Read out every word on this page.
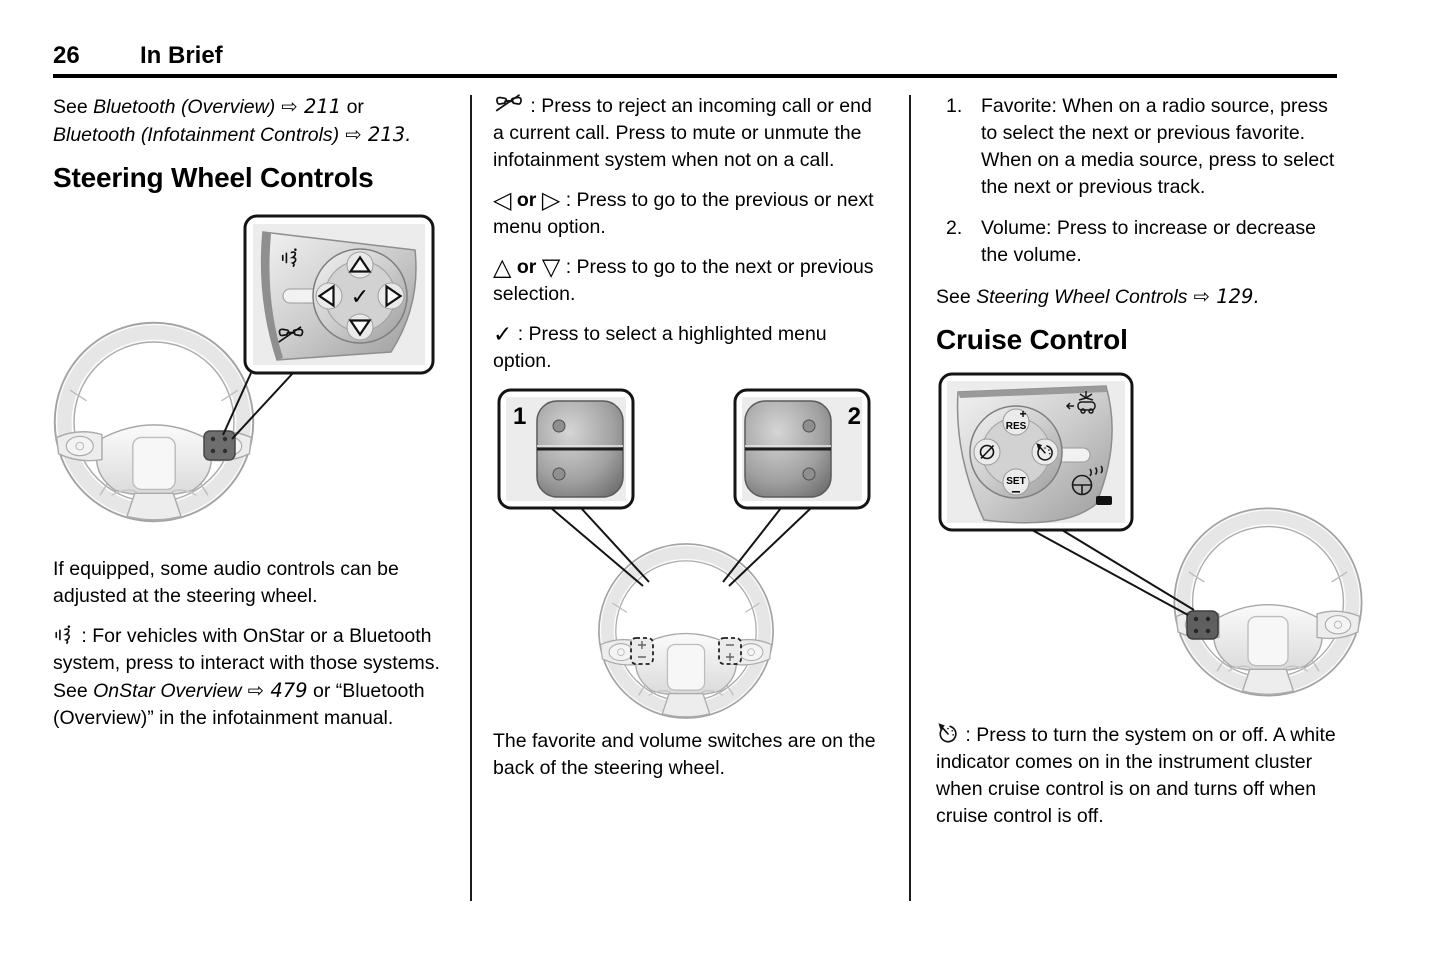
26	In Brief

See Bluetooth (Overview) ⇨ 211 or Bluetooth (Infotainment Controls) ⇨ 213.

Steering Wheel Controls
✓

If equipped, some audio controls can be adjusted at the steering wheel.

: For vehicles with OnStar or a Bluetooth system, press to interact with those systems. See OnStar Overview ⇨ 479 or “Bluetooth (Overview)” in the infotainment manual.

: Press to reject an incoming call or end a current call. Press to mute or unmute the infotainment system when not on a call.

◁ or ▷ : Press to go to the previous or next menu option.

△ or ▽ : Press to go to the next or previous selection.

✓ : Press to select a highlighted menu option.

1	2

The favorite and volume switches are on the back of the steering wheel.

1. Favorite: When on a radio source, press to select the next or previous favorite. When on a media source, press to select the next or previous track.
2. Volume: Press to increase or decrease the volume.

See Steering Wheel Controls ⇨ 129.

Cruise Control
+
RES
SET
−

: Press to turn the system on or off. A white indicator comes on in the instrument cluster when cruise control is on and turns off when cruise control is off.
